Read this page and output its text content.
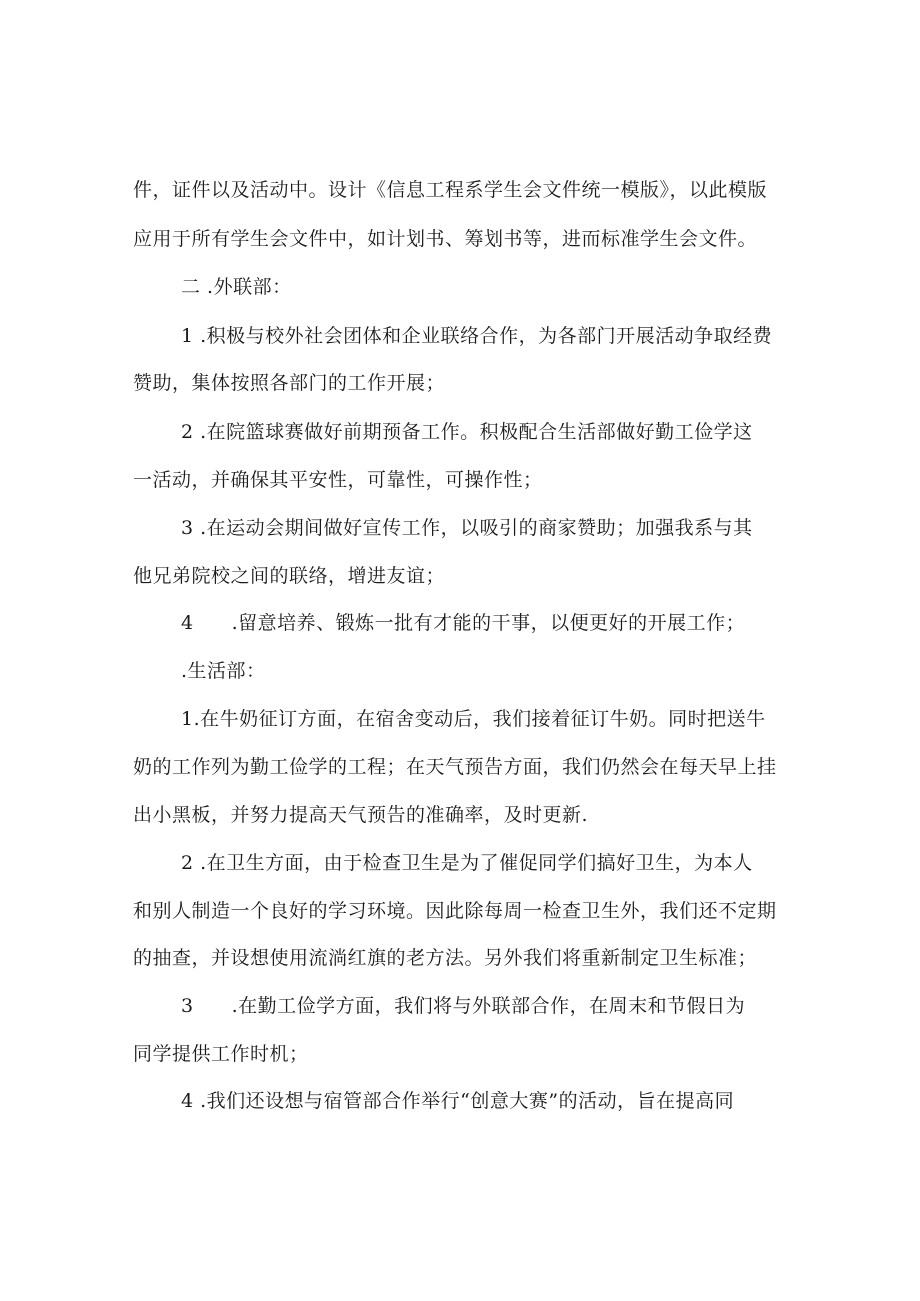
件，证件以及活动中。设计《信息工程系学生会文件统一模版》，以此模版
应用于所有学生会文件中，如计划书、筹划书等，进而标准学生会文件。
二 .外联部：
1 .积极与校外社会团体和企业联络合作，为各部门开展活动争取经费
赞助，集体按照各部门的工作开展；
2 .在院篮球赛做好前期预备工作。积极配合生活部做好勤工俭学这
一活动，并确保其平安性，可靠性，可操作性；
3 .在运动会期间做好宣传工作，以吸引的商家赞助；加强我系与其
他兄弟院校之间的联络，增进友谊；
4 .留意培养、锻炼一批有才能的干事，以便更好的开展工作；
.生活部：
1.在牛奶征订方面，在宿舍变动后，我们接着征订牛奶。同时把送牛
奶的工作列为勤工俭学的工程；在天气预告方面，我们仍然会在每天早上挂
出小黑板，并努力提高天气预告的准确率，及时更新.
2 .在卫生方面，由于检查卫生是为了催促同学们搞好卫生，为本人
和别人制造一个良好的学习环境。因此除每周一检查卫生外，我们还不定期
的抽查，并设想使用流淌红旗的老方法。另外我们将重新制定卫生标准；
3 .在勤工俭学方面，我们将与外联部合作，在周末和节假日为
同学提供工作时机；
4 .我们还设想与宿管部合作举行“创意大赛”的活动，旨在提高同
